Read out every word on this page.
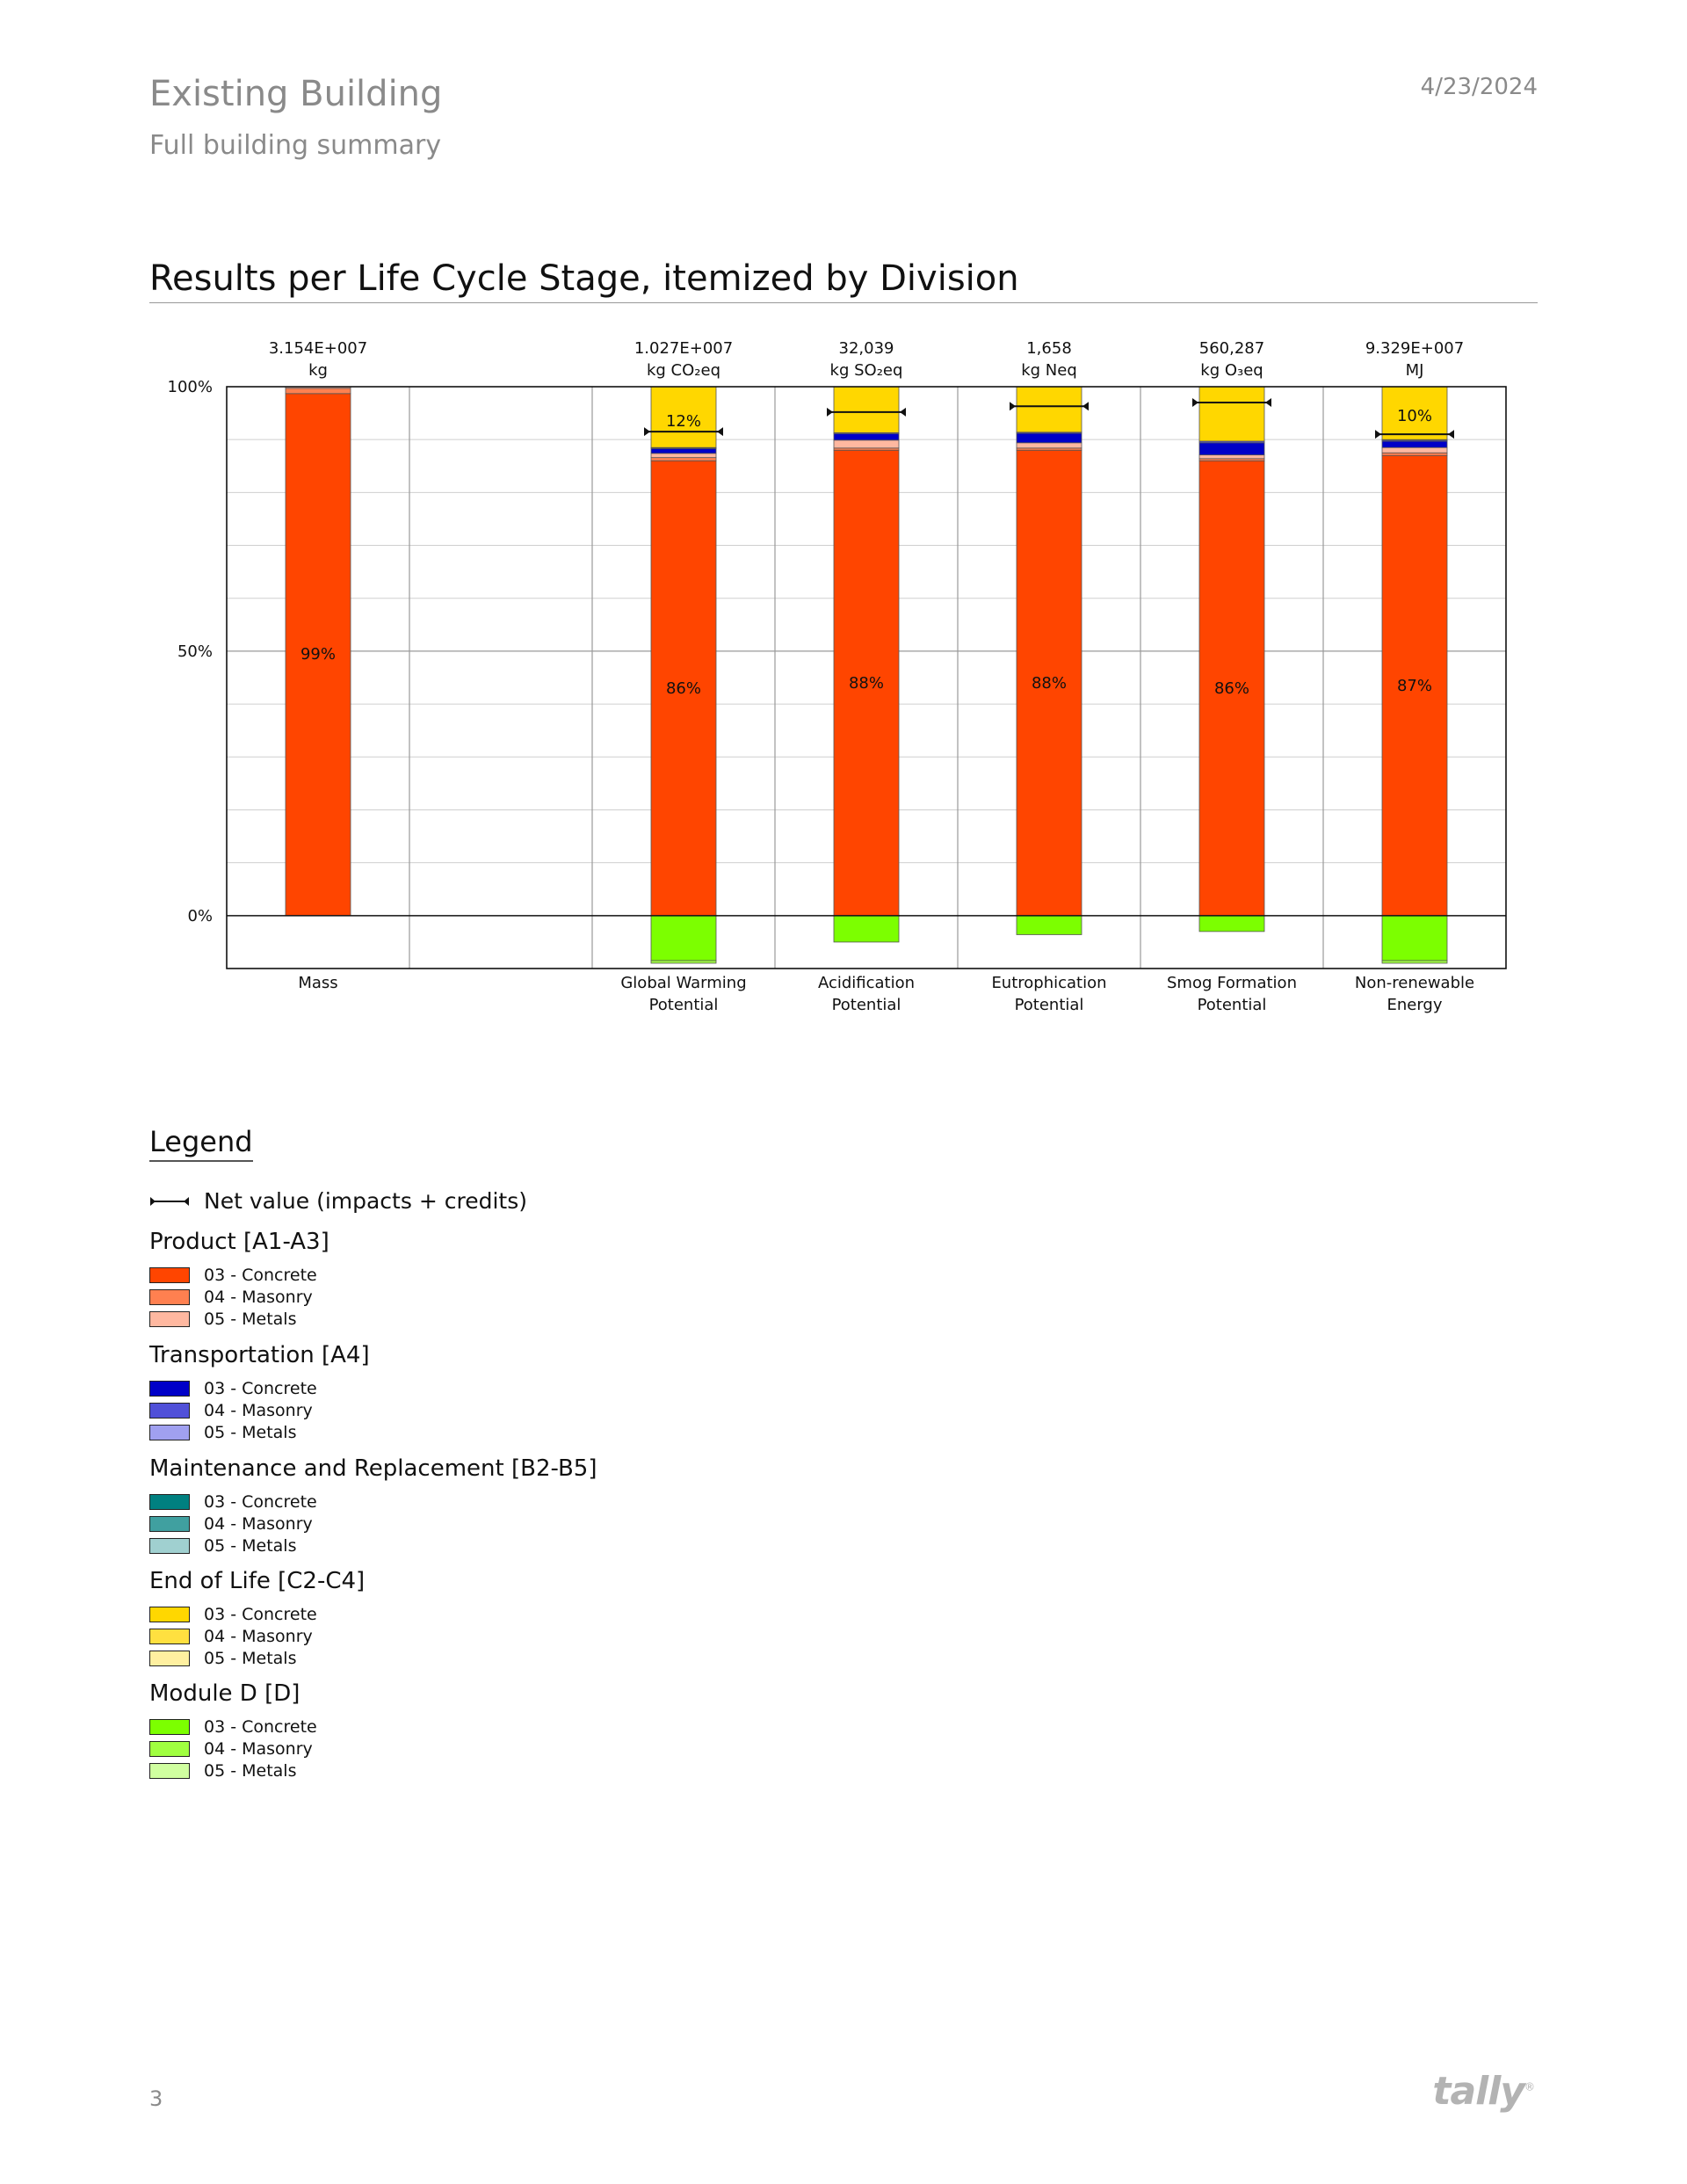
Existing Building
Full building summary
4/23/2024
Results per Life Cycle Stage, itemized by Division
100%
50%
0%
99%
3.154E+007
kg
Mass
86%
12%
1.027E+007
kg CO₂eq
Global Warming
Potential
88%
32,039
kg SO₂eq
Acidification
Potential
88%
1,658
kg Neq
Eutrophication
Potential
86%
560,287
kg O₃eq
Smog Formation
Potential
87%
10%
9.329E+007
MJ
Non-renewable
Energy
Legend
Net value (impacts + credits)
Product [A1-A3]
03 - Concrete
04 - Masonry
05 - Metals
Transportation [A4]
03 - Concrete
04 - Masonry
05 - Metals
Maintenance and Replacement [B2-B5]
03 - Concrete
04 - Masonry
05 - Metals
End of Life [C2-C4]
03 - Concrete
04 - Masonry
05 - Metals
Module D [D]
03 - Concrete
04 - Masonry
05 - Metals
3	tally®
